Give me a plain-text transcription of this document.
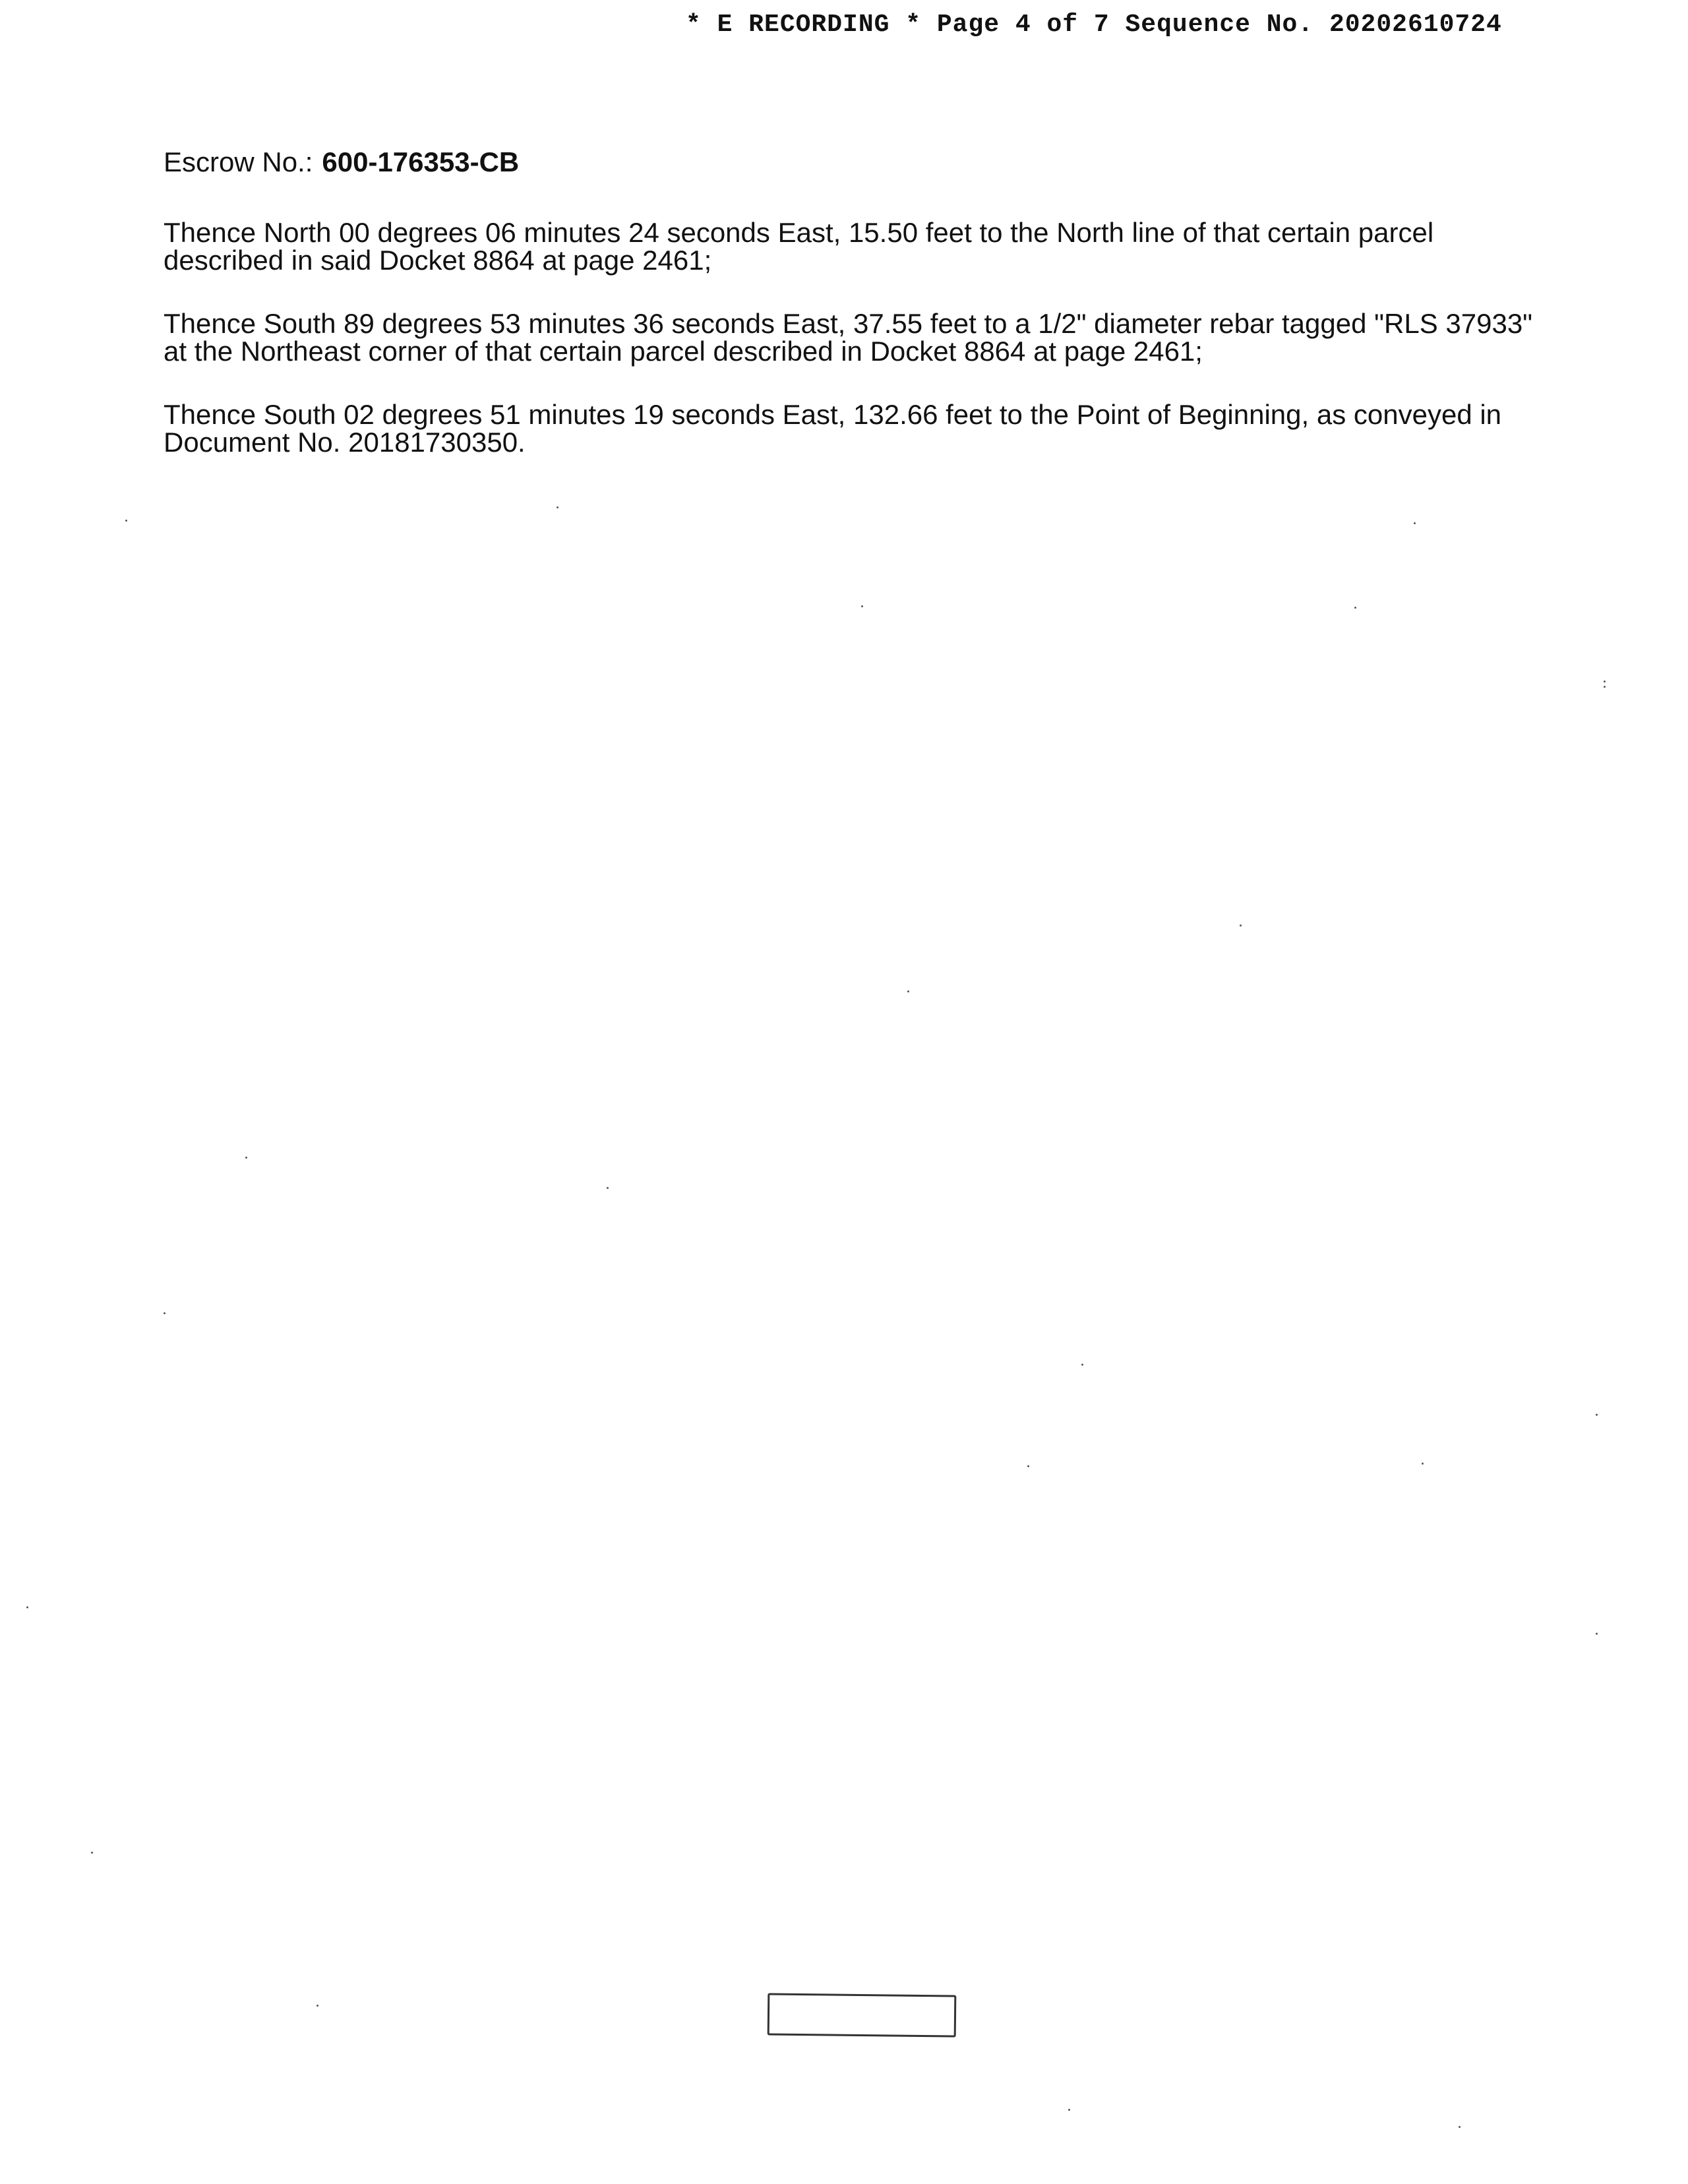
* E RECORDING * Page 4 of 7 Sequence No. 20202610724
Escrow No.: 600-176353-CB

Thence North 00 degrees 06 minutes 24 seconds East, 15.50 feet to the North line of that certain parcel described in said Docket 8864 at page 2461;

Thence South 89 degrees 53 minutes 36 seconds East, 37.55 feet to a 1/2" diameter rebar tagged "RLS 37933" at the Northeast corner of that certain parcel described in Docket 8864 at page 2461;

Thence South 02 degrees 51 minutes 19 seconds East, 132.66 feet to the Point of Beginning, as conveyed in Document No. 20181730350.
